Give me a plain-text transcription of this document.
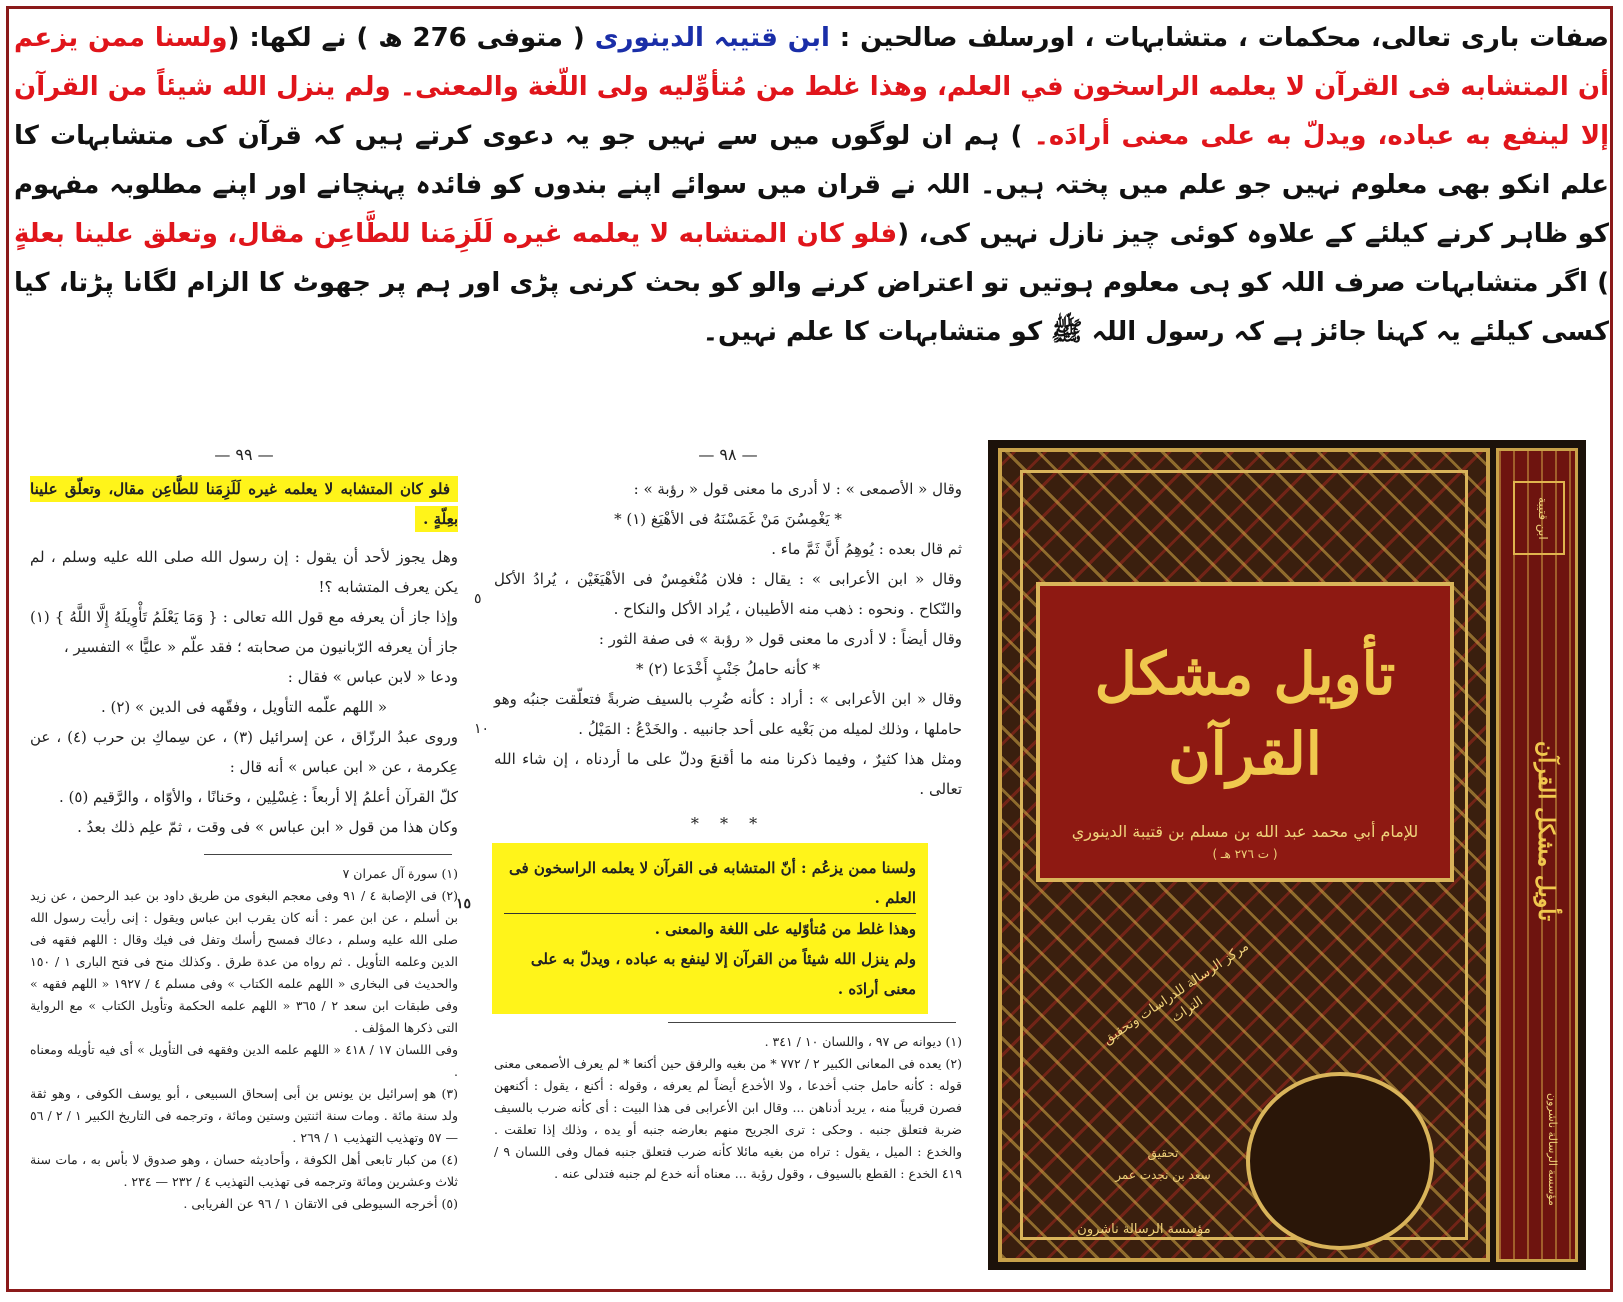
صفات باری تعالی، محکمات ، متشابہات ، اورسلف صالحین : ابن قتیبہ الدینوری ( متوفی 276 ھ ) نے لکھا: (ولسنا ممن يزعم أن المتشابه فى القرآن لا يعلمه الراسخون في العلم، وهذا غلط من مُتأوِّليه ولى اللّغة والمعنى۔ ولم ينزل الله شيئاً من القرآن إلا لينفع به عباده، ويدلّ به على معنى أرادَه۔ ) ہم ان لوگوں میں سے نہیں جو یہ دعوی کرتے ہیں کہ قرآن کی متشابہات کا علم انکو بھی معلوم نہیں جو علم میں پختہ ہیں۔ اللہ نے قران میں سوائے اپنے بندوں کو فائدہ پہنچانے اور اپنے مطلوبہ مفہوم کو ظاہر کرنے کیلئے کے علاوہ کوئی چیز نازل نہیں کی، (فلو كان المتشابه لا يعلمه غيره لَلَزِمَنا للطَّاعِن مقال، وتعلق علينا بعلةٍ ) اگر متشابہات صرف اللہ کو ہی معلوم ہوتیں تو اعتراض کرنے والو کو بحث کرنی پڑی اور ہم پر جھوٹ کا الزام لگانا پڑتا، کیا کسی کیلئے یہ کہنا جائز ہے کہ رسول اللہ ﷺ کو متشابہات کا علم نہیں۔

— ٩٩ —
فلو كان المتشابه لا يعلمه غيره لَلَزِمَنا للطَّاعِن مقال، وتعلّق علينا بعِلّةٍ .
وهل يجوز لأحد أن يقول : إن رسول الله صلى الله عليه وسلم ، لم يكن يعرف المتشابه ؟!
وإذا جاز أن يعرفه مع قول الله تعالى : { وَمَا يَعْلَمُ تَأْوِيلَهُ إِلَّا اللَّهُ } (١) جاز أن يعرفه الرّبانيون من صحابته ؛ فقد علّم « عليًّا » التفسير ،
ودعا « لابن عباس » فقال :
« اللهم علّمه التأويل ، وفقّهه فى الدين » (٢) .
وروى عبدُ الرزّاق ، عن إسرائيل (٣) ، عن سِماكِ بن حرب (٤) ، عن عِكرمة ، عن « ابن عباس » أنه قال :
كلّ القرآن أعلمُ إلا أربعاً : غِسْلِين ، وحَنانًا ، والأوّاه ، والرَّقيم (٥) .
وكان هذا من قول « ابن عباس » فى وقت ، ثمّ علِم ذلك بعدُ .
(١) سورة آل عمران ٧
(٢) فى الإصابة ٤ / ٩١ وفى معجم البغوى من طريق داود بن عبد الرحمن ، عن زيد بن أسلم ، عن ابن عمر : أنه كان يقرب ابن عباس ويقول : إنى رأيت رسول الله صلى الله عليه وسلم ، دعاك فمسح رأسك وتفل فى فيك وقال : اللهم فقهه فى الدين وعلمه التأويل . ثم رواه من عدة طرق . وكذلك منح فى فتح البارى ١ / ١٥٠ والحديث فى البخارى « اللهم علمه الكتاب » وفى مسلم ٤ / ١٩٢٧ « اللهم فقهه » وفى طبقات ابن سعد ٢ / ٣٦٥ « اللهم علمه الحكمة وتأويل الكتاب » مع الرواية التى ذكرها المؤلف .
وفى اللسان ١٧ / ٤١٨ « اللهم علمه الدين وفقهه فى التأويل » أى فيه تأويله ومعناه .
(٣) هو إسرائيل بن يونس بن أبى إسحاق السبيعى ، أبو يوسف الكوفى ، وهو ثقة ولد سنة مائة . ومات سنة اثنتين وستين ومائة ، وترجمه فى التاريخ الكبير ١ / ٢ / ٥٦ — ٥٧ وتهذيب التهذيب ١ / ٢٦٩ .
(٤) من كبار تابعى أهل الكوفة ، وأحاديثه حسان ، وهو صدوق لا بأس به ، مات سنة ثلاث وعشرين ومائة وترجمه فى تهذيب التهذيب ٤ / ٢٣٢ — ٢٣٤ .
(٥) أخرجه السيوطى فى الاتقان ١ / ٩٦ عن الفريابى .
— ٩٨ —
وقال « الأصمعى » : لا أدرى ما معنى قول « رؤبة » :
* يَغْمِسُنَ مَنْ غَمَسْنَهُ فى الأهْيَغ (١) *
ثم قال بعده : يُوهِمُ أَنَّ ثَمَّ ماء .
وقال « ابن الأعرابى » : يقال : فلان مُنْغمِسٌ فى الأهْيَغَيْن ، يُرادُ الأكل والنّكاح . ونحوه : ذهب منه الأطيبان ، يُراد الأكل والنكاح .
٥
وقال أيضاً : لا أدرى ما معنى قول « رؤبة » فى صفة الثور :
* كأنه حاملُ جَنْبٍ أَخْدَعا (٢) *
وقال « ابن الأعرابى » : أراد : كأنه ضُرِب بالسيف ضربةً فتعلّقت جنبُه وهو حاملها ، وذلك لميله من بَغْيه على أحد جانبيه . والخَدْعُ : المَيْلُ .
١٠
ومثل هذا كثيرٌ ، وفيما ذكرنا منه ما أقنعَ ودلّ على ما أردناه ، إن شاء الله تعالى .
* * *
ولسنا ممن يزعُم : أنّ المتشابه فى القرآن لا يعلمه الراسخون فى العلم .
وهذا غلط من مُتأوّليه على اللغة والمعنى .
ولم ينزل الله شيئاً من القرآن إلا لينفع به عباده ، ويدلّ به على معنى أرادَه .
١٥
(١) ديوانه ص ٩٧ ، واللسان ١٠ / ٣٤١ .
(٢) يعده فى المعانى الكبير ٢ / ٧٧٢ * من بغيه والرفق حين أكنعا * لم يعرف الأصمعى معنى قوله : كأنه حامل جنب أخدعا ، ولا الأخدع أيضاً لم يعرفه ، وقوله : أكنع ، يقول : أكنعهن فصرن قريباً منه ، يريد أدناهن ... وقال ابن الأعرابى فى هذا البيت : أى كأنه ضرب بالسيف ضربة فتعلق جنبه . وحكى : ترى الجريح منهم بعارضه جنبه أو يده ، وذلك إذا تعلقت . والخدع : الميل ، يقول : تراه من بغيه مائلا كأنه ضرب فتعلق جنبه فمال وفى اللسان ٩ / ٤١٩ الخدع : القطع بالسيوف ، وقول رؤبة ... معناه أنه خدع لم جنبه فتدلى عنه .
تأويل مشكل القرآن
للإمام أبي محمد عبد الله بن مسلم بن قتيبة الدينوري
( ت ٢٧٦ هـ )
مركز الرسالة للدراسات وتحقيق التراث
تحقيق
سعد بن نجدت عمر
مؤسسة الرسالة ناشرون
ابن قتيبة
تأويل مشكل القرآن
مؤسسة الرسالة ناشرون
